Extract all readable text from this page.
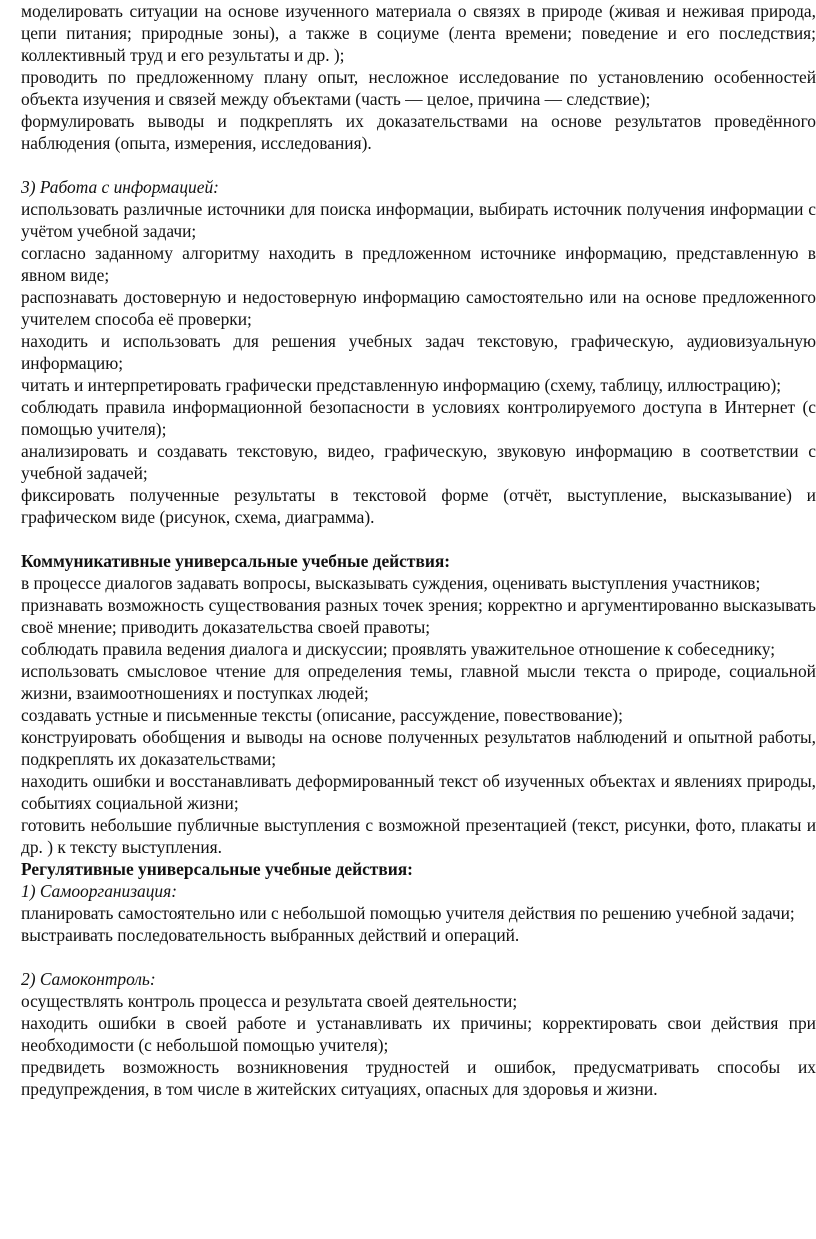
моделировать ситуации на основе изученного материала о связях в природе (живая и неживая природа, цепи питания; природные зоны), а также в социуме (лента времени; поведение и его последствия; коллективный труд и его результаты и др. );

проводить по предложенному плану опыт, несложное исследование по установлению особенностей объекта изучения и связей между объектами (часть — целое, причина — следствие);

формулировать выводы и подкреплять их доказательствами на основе результатов проведённого наблюдения (опыта, измерения, исследования).

3) Работа с информацией:

использовать различные источники для поиска информации, выбирать источник получения информации с учётом учебной задачи;

согласно заданному алгоритму находить в предложенном источнике информацию, представленную в явном виде;

распознавать достоверную и недостоверную информацию самостоятельно или на основе предложенного учителем способа её проверки;

находить и использовать для решения учебных задач текстовую, графическую, аудиовизуальную информацию;

читать и интерпретировать графически представленную информацию (схему, таблицу, иллюстрацию);

соблюдать правила информационной безопасности в условиях контролируемого доступа в Интернет (с помощью учителя);

анализировать и создавать текстовую, видео, графическую, звуковую информацию в соответствии с учебной задачей;

фиксировать полученные результаты в текстовой форме (отчёт, выступление, высказывание) и графическом виде (рисунок, схема, диаграмма).

Коммуникативные универсальные учебные действия:

в процессе диалогов задавать вопросы, высказывать суждения, оценивать выступления участников;

признавать возможность существования разных точек зрения; корректно и аргументированно высказывать своё мнение; приводить доказательства своей правоты;

соблюдать правила ведения диалога и дискуссии; проявлять уважительное отношение к собеседнику;

использовать смысловое чтение для определения темы, главной мысли текста о природе, социальной жизни, взаимоотношениях и поступках людей;

создавать устные и письменные тексты (описание, рассуждение, повествование);

конструировать обобщения и выводы на основе полученных результатов наблюдений и опытной работы, подкреплять их доказательствами;

находить ошибки и восстанавливать деформированный текст об изученных объектах и явлениях природы, событиях социальной жизни;

готовить небольшие публичные выступления с возможной презентацией (текст, рисунки, фото, плакаты и др. ) к тексту выступления.

Регулятивные универсальные учебные действия:

1) Самоорганизация:

планировать самостоятельно или с небольшой помощью учителя действия по решению учебной задачи;

выстраивать последовательность выбранных действий и операций.

2) Самоконтроль:

осуществлять контроль процесса и результата своей деятельности;

находить ошибки в своей работе и устанавливать их причины; корректировать свои действия при необходимости (с небольшой помощью учителя);

предвидеть возможность возникновения трудностей и ошибок, предусматривать способы их предупреждения, в том числе в житейских ситуациях, опасных для здоровья и жизни.
